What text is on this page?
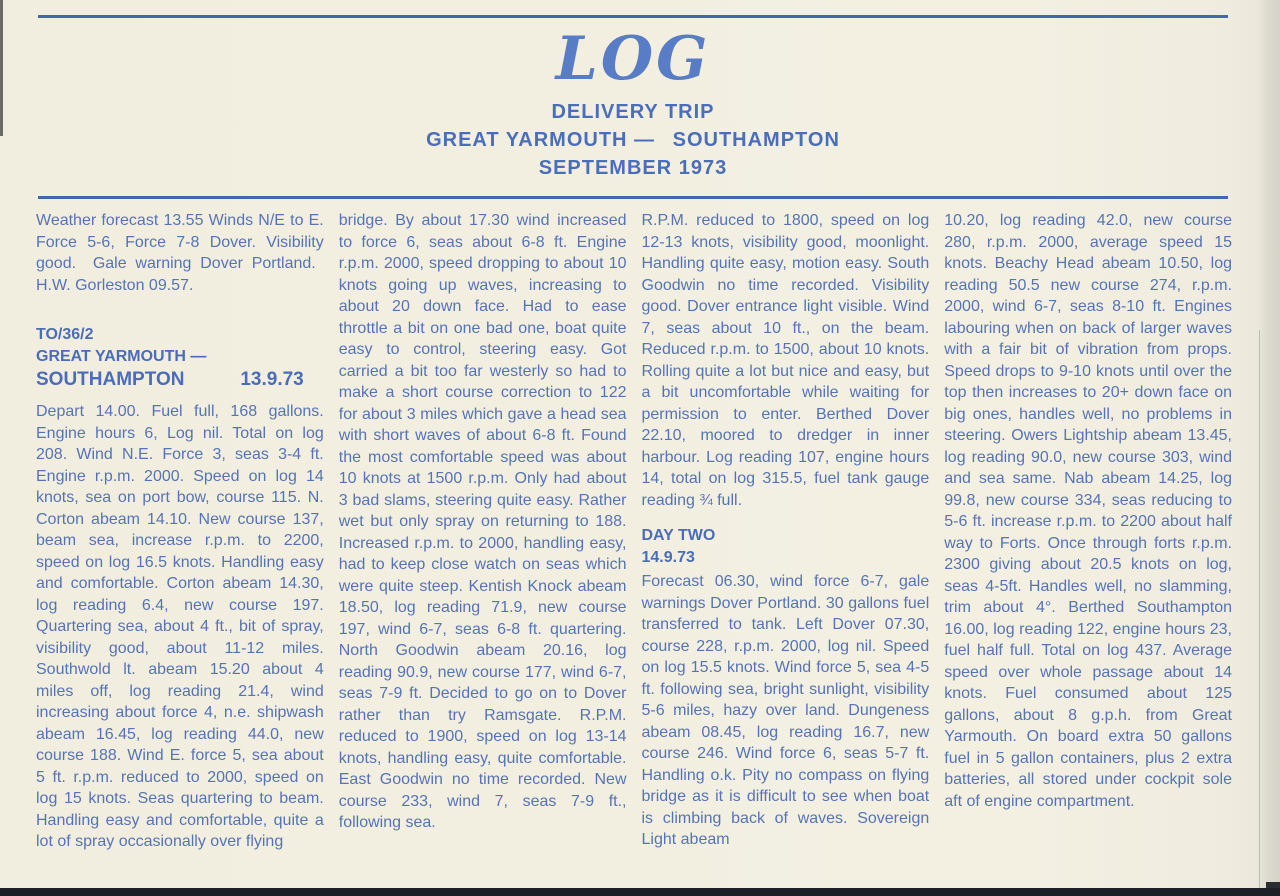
LOG

DELIVERY TRIP

GREAT YARMOUTH —  SOUTHAMPTON

SEPTEMBER 1973

Weather forecast 13.55 Winds N/E to E. Force 5-6, Force 7-8 Dover. Visibility good.  Gale warning Dover Portland.  H.W. Gorleston 09.57.

TO/36/2

GREAT YARMOUTH —

SOUTHAMPTON	13.9.73

Depart 14.00. Fuel full, 168 gallons. Engine hours 6, Log nil. Total on log 208. Wind N.E. Force 3, seas 3-4 ft. Engine r.p.m. 2000. Speed on log 14 knots, sea on port bow, course 115. N. Corton abeam 14.10. New course 137, beam sea, increase r.p.m. to 2200, speed on log 16.5 knots. Handling easy and comfortable. Corton abeam 14.30, log reading 6.4, new course 197. Quartering sea, about 4 ft., bit of spray, visibility good, about 11-12 miles. Southwold lt. abeam 15.20 about 4 miles off, log reading 21.4, wind increasing about force 4, n.e. shipwash abeam 16.45, log reading 44.0, new course 188. Wind E. force 5, sea about 5 ft. r.p.m. reduced to 2000, speed on log 15 knots. Seas quartering to beam. Handling easy and comfortable, quite a lot of spray occasionally over flying

bridge. By about 17.30 wind increased to force 6, seas about 6-8 ft. Engine r.p.m. 2000, speed dropping to about 10 knots going up waves, increasing to about 20 down face. Had to ease throttle a bit on one bad one, boat quite easy to control, steering easy. Got carried a bit too far westerly so had to make a short course correction to 122 for about 3 miles which gave a head sea with short waves of about 6-8 ft. Found the most comfortable speed was about 10 knots at 1500 r.p.m. Only had about 3 bad slams, steering quite easy. Rather wet but only spray on returning to 188. Increased r.p.m. to 2000, handling easy, had to keep close watch on seas which were quite steep. Kentish Knock abeam 18.50, log reading 71.9, new course 197, wind 6-7, seas 6-8 ft. quartering. North Goodwin abeam 20.16, log reading 90.9, new course 177, wind 6-7, seas 7-9 ft. Decided to go on to Dover rather than try Ramsgate. R.P.M. reduced to 1900, speed on log 13-14 knots, handling easy, quite comfortable. East Goodwin no time recorded. New course 233, wind 7, seas 7-9 ft., following sea.

R.P.M. reduced to 1800, speed on log 12-13 knots, visibility good, moonlight. Handling quite easy, motion easy. South Goodwin no time recorded. Visibility good. Dover entrance light visible. Wind 7, seas about 10 ft., on the beam. Reduced r.p.m. to 1500, about 10 knots. Rolling quite a lot but nice and easy, but a bit uncomfortable while waiting for permission to enter. Berthed Dover 22.10, moored to dredger in inner harbour. Log reading 107, engine hours 14, total on log 315.5, fuel tank gauge reading ¾ full.

DAY TWO

14.9.73

Forecast 06.30, wind force 6-7, gale warnings Dover Portland. 30 gallons fuel transferred to tank. Left Dover 07.30, course 228, r.p.m. 2000, log nil. Speed on log 15.5 knots. Wind force 5, sea 4-5 ft. following sea, bright sunlight, visibility 5-6 miles, hazy over land. Dungeness abeam 08.45, log reading 16.7, new course 246. Wind force 6, seas 5-7 ft. Handling o.k. Pity no compass on flying bridge as it is difficult to see when boat is climbing back of waves. Sovereign Light abeam

10.20, log reading 42.0, new course 280, r.p.m. 2000, average speed 15 knots. Beachy Head abeam 10.50, log reading 50.5 new course 274, r.p.m. 2000, wind 6-7, seas 8-10 ft. Engines labouring when on back of larger waves with a fair bit of vibration from props. Speed drops to 9-10 knots until over the top then increases to 20+ down face on big ones, handles well, no problems in steering. Owers Lightship abeam 13.45, log reading 90.0, new course 303, wind and sea same. Nab abeam 14.25, log 99.8, new course 334, seas reducing to 5-6 ft. increase r.p.m. to 2200 about half way to Forts. Once through forts r.p.m. 2300 giving about 20.5 knots on log, seas 4-5ft. Handles well, no slamming, trim about 4°. Berthed Southampton 16.00, log reading 122, engine hours 23, fuel half full. Total on log 437. Average speed over whole passage about 14 knots. Fuel consumed about 125 gallons, about 8 g.p.h. from Great Yarmouth. On board extra 50 gallons fuel in 5 gallon containers, plus 2 extra batteries, all stored under cockpit sole aft of engine compartment.
